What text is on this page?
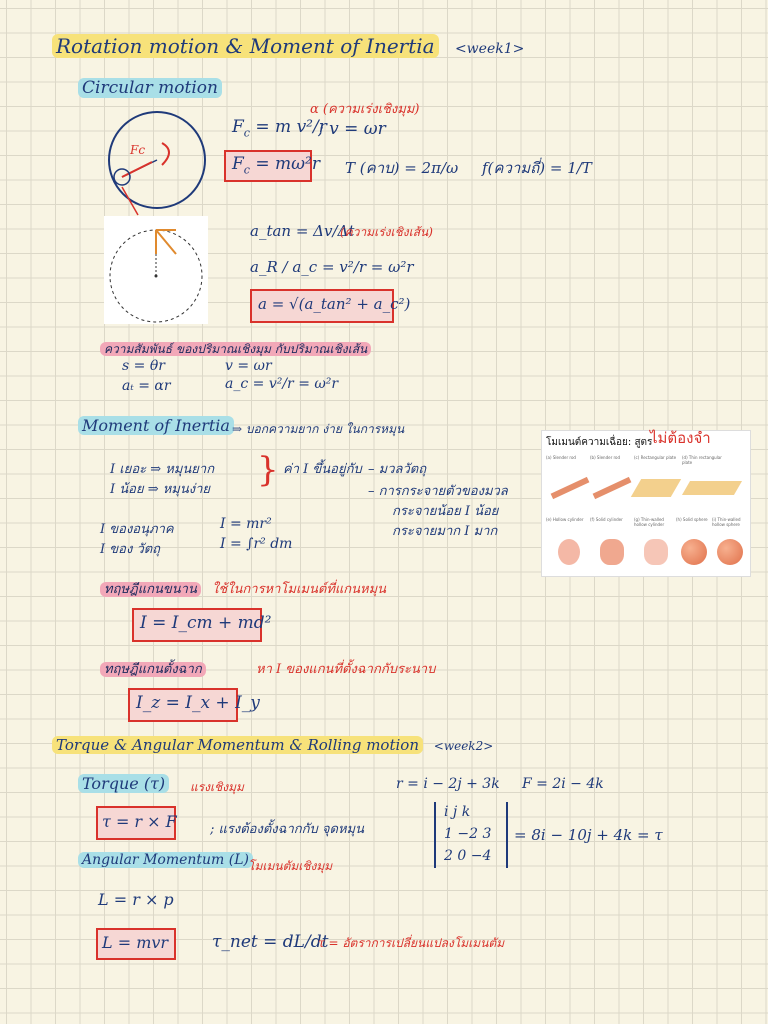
Rotation motion & Moment of Inertia <week1>
Circular motion
Fc
α (ความเร่งเชิงมุม)
$F_c = m$ v²/r
; v = ωr
$F_c = m\omega^2r$ T (คาบ) = 2π/ω f(ความถี่) = 1/T
a_tan = Δv/Δt
(ความเร่งเชิงเส้น)
a_R / a_c = v²/r = ω²r
a = √(a_tan² + a_c²)
ความสัมพันธ์ ของปริมาณเชิงมุม กับปริมาณเชิงเส้น
s = θr	v = ωr
aₜ = αr	a_c = v²/r = ω²r
Moment of Inertia ⇒ บอกความยาก ง่าย ในการหมุน
I เยอะ ⇒ หมุนยาก
I น้อย ⇒ หมุนง่าย } ค่า I ขึ้นอยู่กับ – มวลวัตถุ
– การกระจายตัวของมวล
กระจายน้อย I น้อย
กระจายมาก I มาก
I ของอนุภาค	I = mr²
I ของ วัตถุ	I = ∫r² dm
โมเมนต์ความเฉื่อย: สูตร
(a) Slender rod	(b) Slender rod	(c) Rectangular plate	(d) Thin rectangular plate
(e) Hollow cylinder	(f) Solid cylinder	(g) Thin-walled hollow cylinder
(h) Solid sphere	(i) Thin-walled hollow sphere
ไม่ต้องจำ
ทฤษฎีแกนขนาน	ใช้ในการหาโมเมนต์ที่แกนหมุน
I = I_cm + md²
ทฤษฎีแกนตั้งฉาก	หา I ของแกนที่ตั้งฉากกับระนาบ
I_z = I_x + I_y
Torque & Angular Momentum & Rolling motion <week2>
Torque (τ)	แรงเชิงมุม	r = i − 2j + 3k F = 2i − 4k
τ = r × F	; แรงต้องตั้งฉากกับ จุดหมุน
i j k
1 −2 3
2 0 −4
= 8i − 10j + 4k = τ
Angular Momentum (L)
โมเมนตัมเชิงมุม
L = r × p
L = mvr	τ_net = dL/dt
τ = อัตราการเปลี่ยนแปลงโมเมนตัม
